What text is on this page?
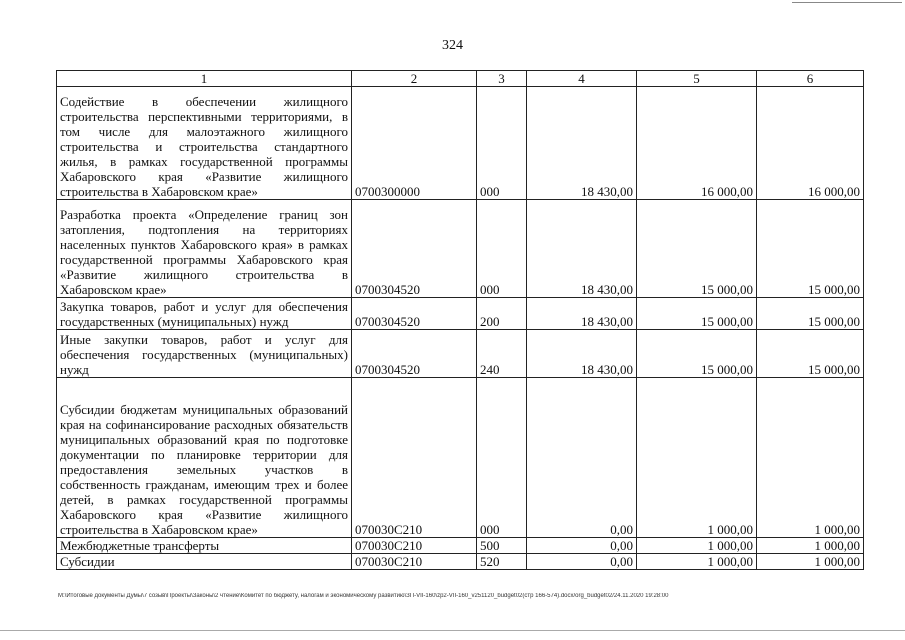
324
1	2	3	4	5	6
Содействие в обеспечении жилищного строительства перспективными территориями, в том числе для малоэтажного жилищного строительства и строительства стандартного жилья, в рамках государственной программы Хабаровского края «Развитие жилищного строительства в Хабаровском крае»	0700300000	000	18 430,00	16 000,00	16 000,00
Разработка проекта «Определение границ зон затопления, подтопления на территориях населенных пунктов Хабаровского края» в рамках государственной программы Хабаровского края «Развитие жилищного строительства в Хабаровском крае»	0700304520	000	18 430,00	15 000,00	15 000,00
Закупка товаров, работ и услуг для обеспечения государственных (муниципальных) нужд	0700304520	200	18 430,00	15 000,00	15 000,00
Иные закупки товаров, работ и услуг для обеспечения государственных (муниципальных) нужд	0700304520	240	18 430,00	15 000,00	15 000,00
Субсидии бюджетам муниципальных образований края на софинансирование расходных обязательств муниципальных образований края по подготовке документации по планировке территории для предоставления земельных участков в собственность гражданам, имеющим трех и более детей, в рамках государственной программы Хабаровского края «Развитие жилищного строительства в Хабаровском крае»	070030С210	000	0,00	1 000,00	1 000,00
Межбюджетные трансферты	070030С210	500	0,00	1 000,00	1 000,00
Субсидии	070030С210	520	0,00	1 000,00	1 000,00
M:\Итоговые документы Думы\7 созыв\Проекты\Законы\2 чтение\Комитет по бюджету, налогам и экономическому развитию\ЗП-VII-160\zp2-VII-160_v251120_budget02(стр 166-574).docx/org_budget02/24.11.2020 19:28:00
